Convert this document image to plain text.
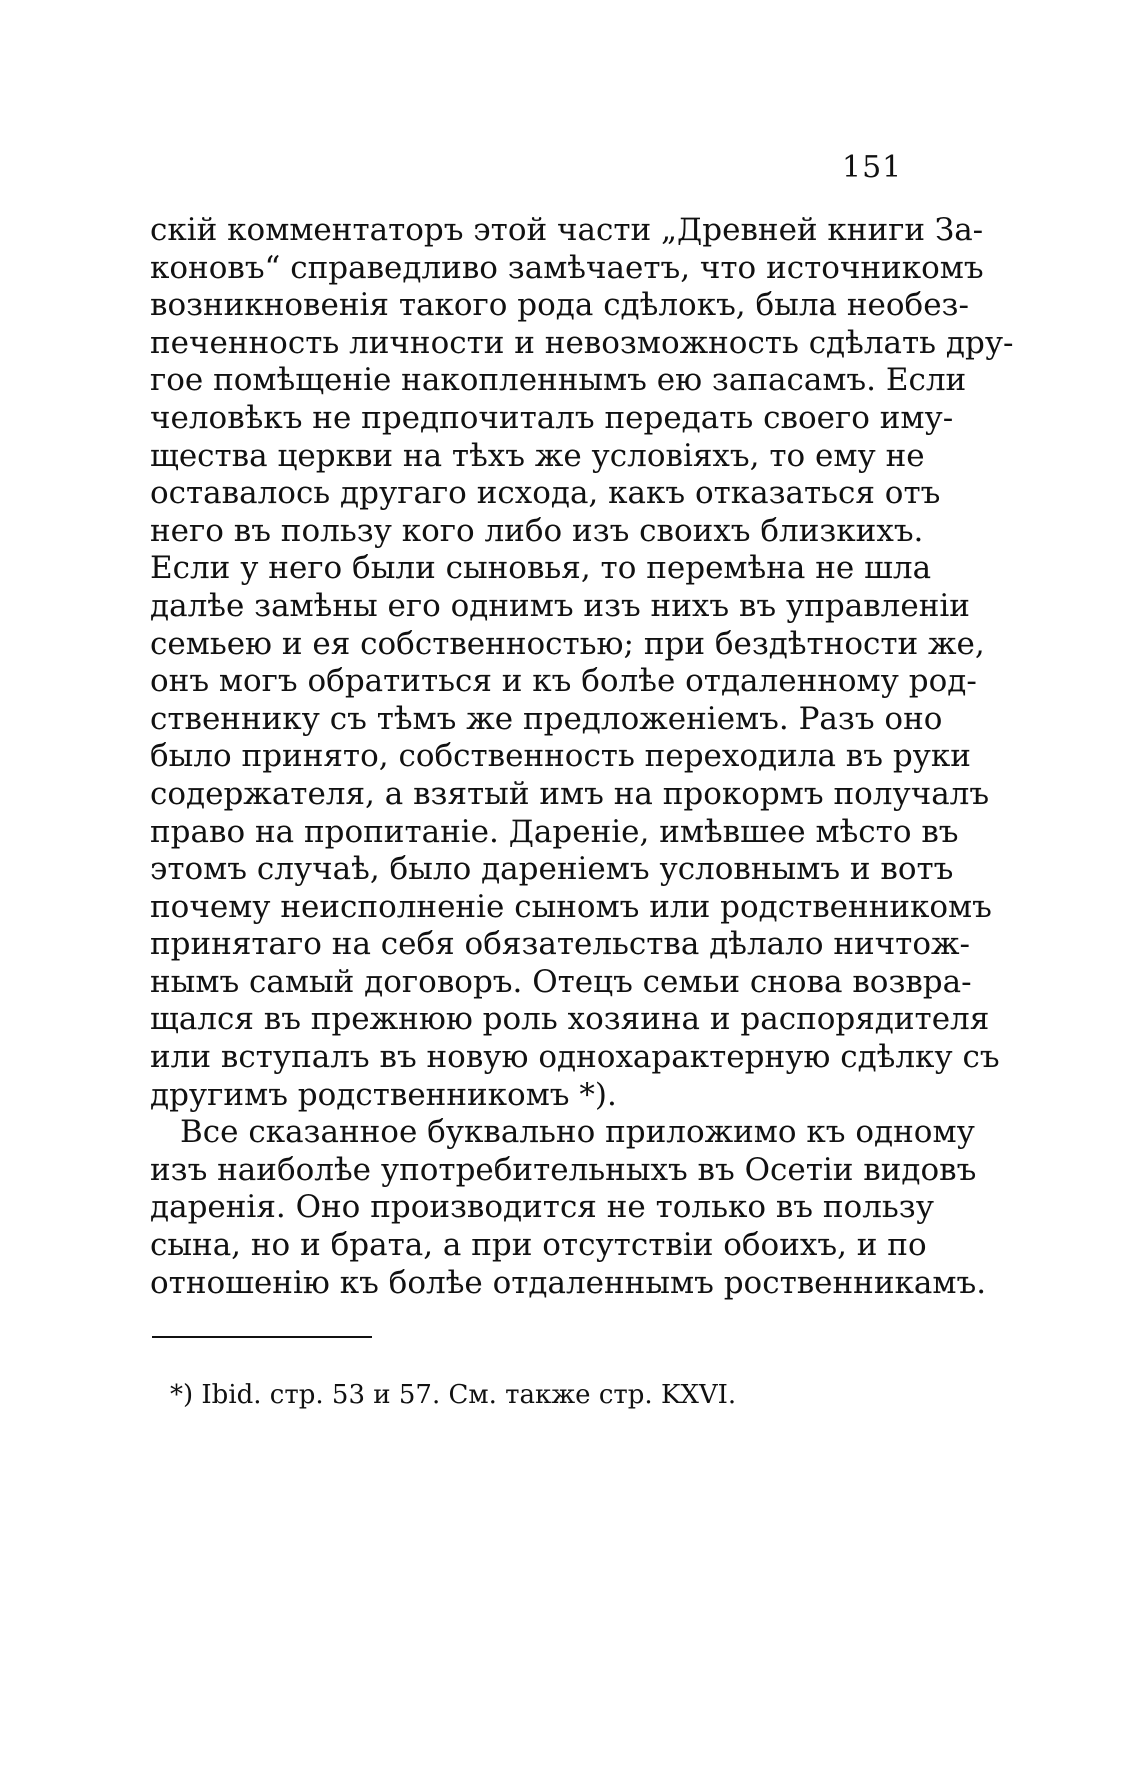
151
скій комментаторъ этой части „Древней книги За-
коновъ“ справедливо замѣчаетъ, что источникомъ
возникновенія такого рода сдѣлокъ, была необез-
печенность личности и невозможность сдѣлать дру-
гое помѣщеніе накопленнымъ ею запасамъ. Если
человѣкъ не предпочиталъ передать своего иму-
щества церкви на тѣхъ же условіяхъ, то ему не
оставалось другаго исхода, какъ отказаться отъ
него въ пользу кого либо изъ своихъ близкихъ.
Если у него были сыновья, то перемѣна не шла
далѣе замѣны его однимъ изъ нихъ въ управленіи
семьею и ея собственностью; при бездѣтности же,
онъ могъ обратиться и къ болѣе отдаленному род-
ственнику съ тѣмъ же предложеніемъ. Разъ оно
было принято, собственность переходила въ руки
содержателя, а взятый имъ на прокормъ получалъ
право на пропитаніе. Дареніе, имѣвшее мѣсто въ
этомъ случаѣ, было дареніемъ условнымъ и вотъ
почему неисполненіе сыномъ или родственникомъ
принятаго на себя обязательства дѣлало ничтож-
нымъ самый договоръ. Отецъ семьи снова возвра-
щался въ прежнюю роль хозяина и распорядителя
или вступалъ въ новую однохарактерную сдѣлку съ
другимъ родственникомъ *).
Все сказанное буквально приложимо къ одному
изъ наиболѣе употребительныхъ въ Осетіи видовъ
даренія. Оно производится не только въ пользу
сына, но и брата, а при отсутствіи обоихъ, и по
отношенію къ болѣе отдаленнымъ роственникамъ.
*) Ibid. стр. 53 и 57. См. также стр. KXVI.
